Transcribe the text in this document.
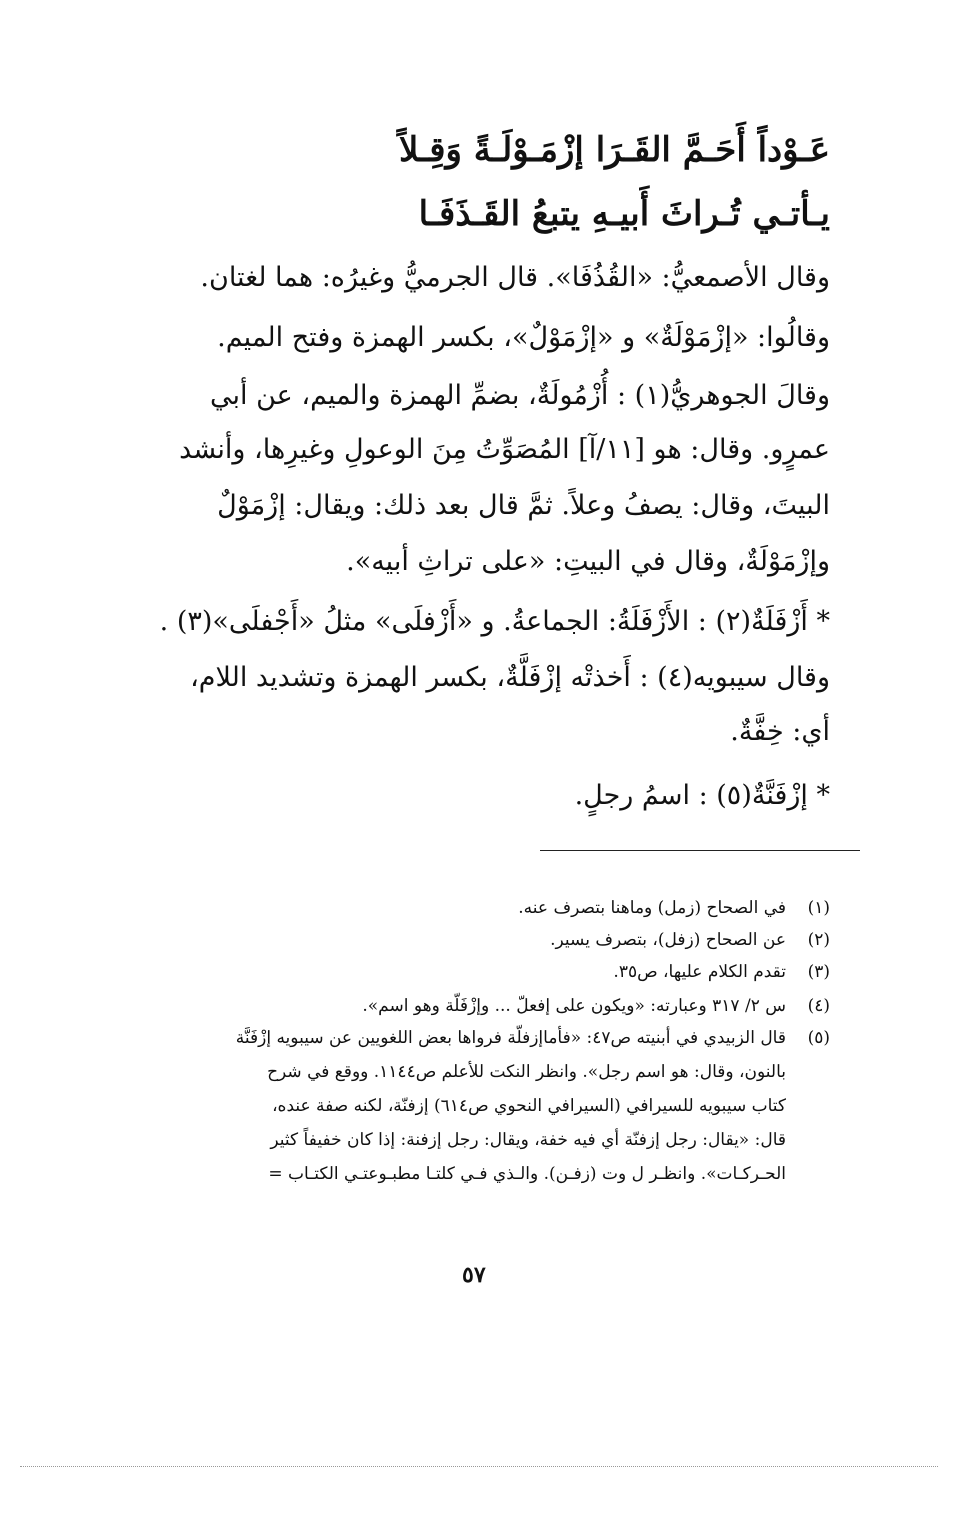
عَـوْداً أَحَـمَّ القَـرَا إزْمَـوْلَـةً وَقِـلاً
يـأتـي تُـراثَ أَبيـهِ يتبعُ القَـذَفَـا
وقال الأصمعيُّ: «القُذُفَا». قال الجرميُّ وغيرُه: هما لغتان.
وقالُوا: «إزْمَوْلَةٌ» و «إزْمَوْلٌ»، بكسر الهمزة وفتح الميم.
وقالَ الجوهريُّ(١) : أُزْمُولَةٌ، بضمِّ الهمزة والميم، عن أبي
عمرٍو. وقال: هو [١١/آ] المُصَوِّتُ مِنَ الوعولِ وغيرِها، وأنشد
البيتَ، وقال: يصفُ وعلاً. ثمَّ قال بعد ذلك: ويقال: إزْمَوْلٌ
وإزْمَوْلَةٌ، وقال في البيتِ: «على تراثِ أبيه».
* أَزْفَلَةٌ(٢) : الأَزْفَلَةُ: الجماعةُ. و «أَزْفلَى» مثلُ «أَجْفلَى»(٣) .
وقال سيبويه(٤) : أَخذتْه إزْفَلَّةٌ، بكسر الهمزة وتشديد اللام،
أي: خِفَّةٌ.
* إزْفَنَّةٌ(٥) : اسمُ رجلٍ.
(١)
في الصحاح (زمل) وماهنا بتصرف عنه.
(٢)
عن الصحاح (زفل)، بتصرف يسير.
(٣)
تقدم الكلام عليها، ص٣٥.
(٤)
س ٢/ ٣١٧ وعبارته: «ويكون على إفعلّ ... وإزْفَلّة وهو اسم».
(٥)
قال الزبيدي في أبنيته ص٤٧: «فأماإزفلّة فرواها بعض اللغويين عن سيبويه إزْفَنَّة
بالنون، وقال: هو اسم رجل». وانظر النكت للأعلم ص١١٤٤. ووقع في شرح
كتاب سيبويه للسيرافي (السيرافي النحوي ص٦١٤) إزفنّة، لكنه صفة عنده،
قال: «يقال: رجل إزفنّة أي فيه خفة، ويقال: رجل إزفنة: إذا كان خفيفاً كثير
الحـركـات». وانظـر ل وت (زفـن). والـذي فـي كلتـا مطبـوعتـي الكتـاب =
٥٧
